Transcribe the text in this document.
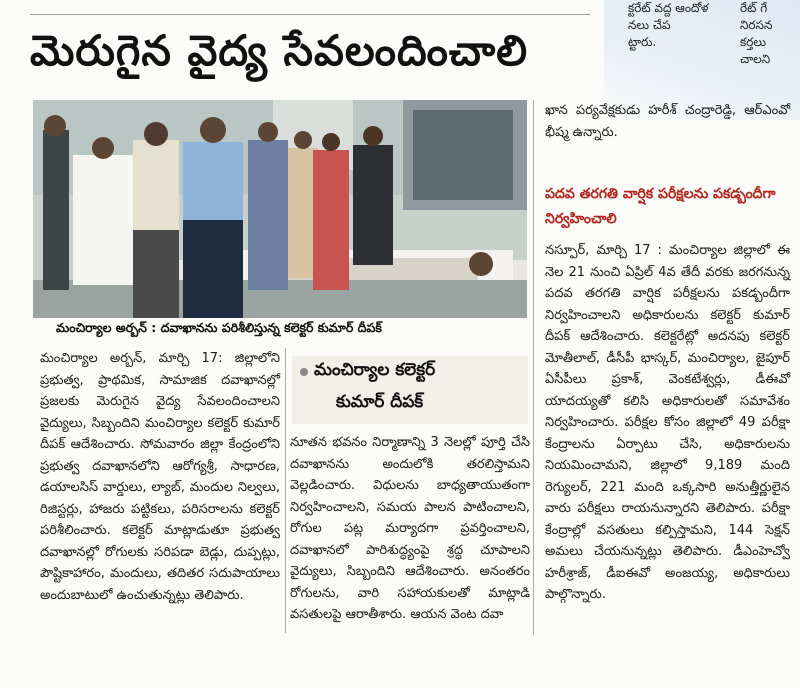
క్టరేట్ వద్ద ఆందోళ
నలు చేప
ట్టారు.
రేట్ గే
నిరసన
కర్తలు
చాలని
మెరుగైన వైద్య సేవలందించాలి
మంచిర్యాల అర్బన్ : దవాఖానను పరిశీలిస్తున్న కలెక్టర్ కుమార్ దీపక్

మంచిర్యాల అర్బన్, మార్చి 17: జిల్లాలోని ప్రభుత్వ, ప్రాథమిక, సామాజిక దవాఖానల్లో ప్రజలకు మెరుగైన వైద్య సేవలందించాలని వైద్యులు, సిబ్బందిని మంచిర్యాల కలెక్టర్ కుమార్ దీపక్ ఆదేశించారు. సోమవారం జిల్లా కేంద్రంలోని ప్రభుత్వ దవాఖానలోని ఆరోగ్యశ్రీ, సాధారణ, డయాలసిస్ వార్డులు, ల్యాబ్, మందుల నిల్వలు, రిజిస్టర్లు, హాజరు పట్టికలు, పరిసరాలను కలెక్టర్ పరిశీలించారు. కలెక్టర్ మాట్లాడుతూ ప్రభుత్వ దవాఖానల్లో రోగులకు సరిపడా బెడ్లు, దుప్పట్లు, పౌష్టికాహారం, మందులు, తదితర సదుపాయాలు అందుబాటులో ఉంచుతున్నట్లు తెలిపారు.

మంచిర్యాల కలెక్టర్
కుమార్ దీపక్

నూతన భవనం నిర్మాణాన్ని 3 నెలల్లో పూర్తి చేసి దవాఖానను అందులోకి తరలిస్తామని వెల్లడించారు. విధులను బాధ్యతాయుతంగా నిర్వహించాలని, సమయ పాలన పాటించాలని, రోగుల పట్ల మర్యాదగా ప్రవర్తించాలని, దవాఖానలో పారిశుద్ధ్యంపై శ్రద్ధ చూపాలని వైద్యులు, సిబ్బందిని ఆదేశించారు. అనంతరం రోగులను, వారి సహాయకులతో మాట్లాడి వసతులపై ఆరాతీశారు. ఆయన వెంట దవా

ఖాన పర్యవేక్షకుడు హరీశ్ చంద్రారెడ్డి, ఆర్ఎంవో భీష్మ ఉన్నారు.

పదవ తరగతి వార్షిక పరీక్షలను పకడ్బందీగా నిర్వహించాలి

నస్పూర్, మార్చి 17 : మంచిర్యాల జిల్లాలో ఈ నెల 21 నుంచి ఏప్రిల్ 4వ తేదీ వరకు జరగనున్న పదవ తరగతి వార్షిక పరీక్షలను పకడ్బందీగా నిర్వహించాలని అధికారులను కలెక్టర్ కుమార్ దీపక్ ఆదేశించారు. కలెక్టరేట్లో అదనపు కలెక్టర్ మోతీలాల్, డీసీపీ భాస్కర్, మంచిర్యాల, జైపూర్ ఏసీపీలు ప్రకాశ్, వెంకటేశ్వర్లు, డీఈవో యాదయ్యతో కలిసి అధికారులతో సమావేశం నిర్వహించారు. పరీక్షల కోసం జిల్లాలో 49 పరీక్షా కేంద్రాలను ఏర్పాటు చేసి, అధికారులను నియమించామని, జిల్లాలో 9,189 మంది రెగ్యులర్, 221 మంది ఒక్కసారి అనుత్తీర్ణులైన వారు పరీక్షలు రాయనున్నారని తెలిపారు. పరీక్షా కేంద్రాల్లో వసతులు కల్పిస్తామని, 144 సెక్షన్ అమలు చేయనున్నట్లు తెలిపారు. డీఎంహెచ్వో హరీశ్రాజ్, డీఐఈవో అంజయ్య, అధికారులు పాల్గొన్నారు.
